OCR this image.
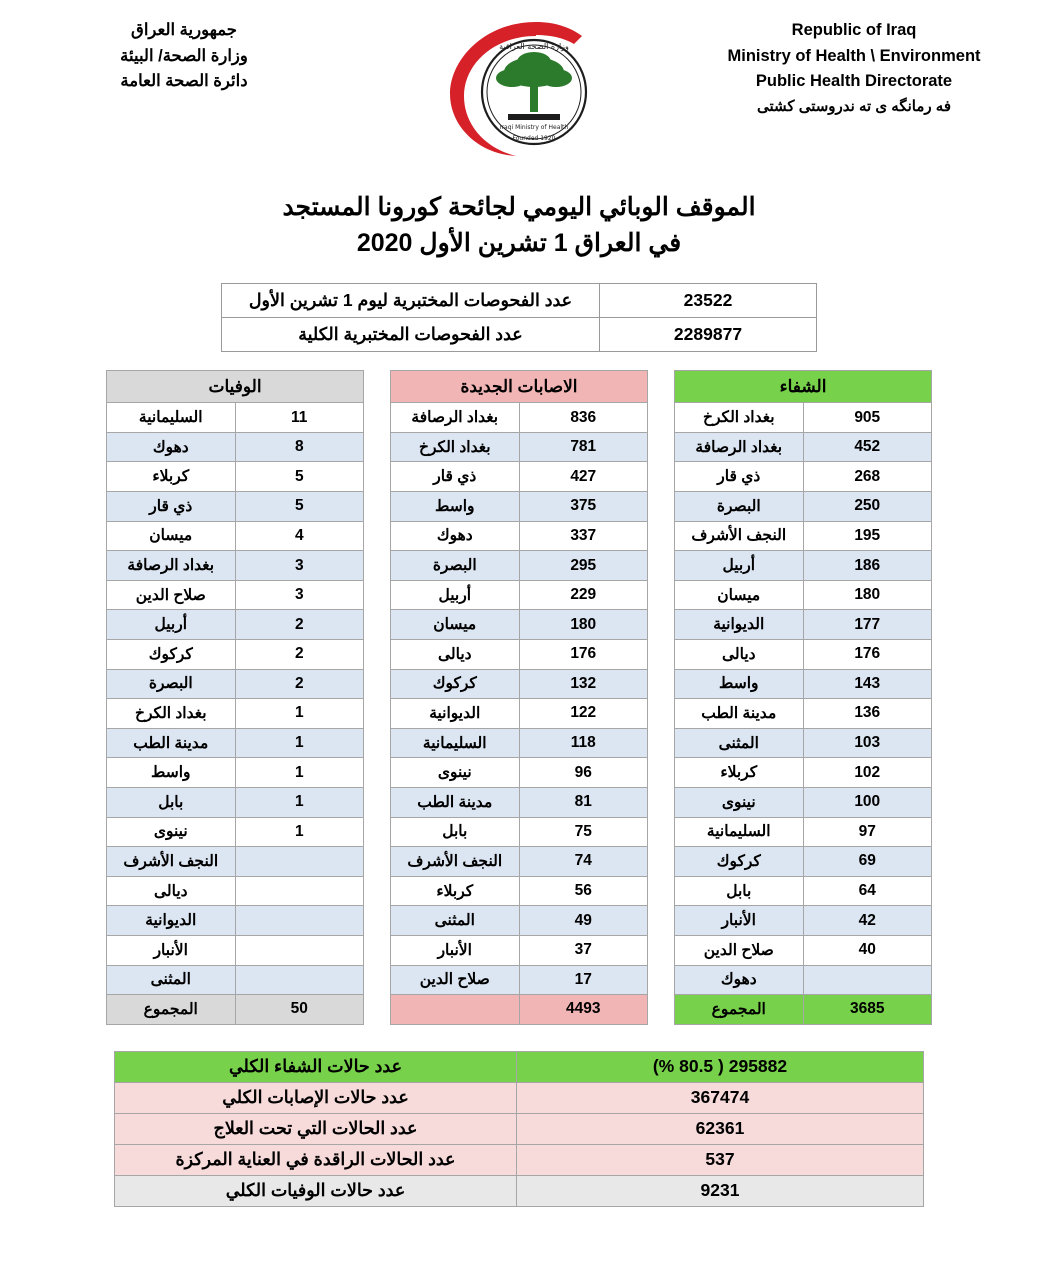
Republic of Iraq
Ministry of Health \ Environment
Public Health Directorate
فه رمانگه ى ته ندروستى كشتى
وزارة الصحة العراقية
Iraqi Ministry of Health
Founded 1920
جمهورية العراق
وزارة الصحة/ البيئة
دائرة الصحة العامة
الموقف الوبائي اليومي لجائحة كورونا المستجد
في العراق 1 تشرين الأول 2020
23522	عدد الفحوصات المختبرية ليوم 1 تشرين الأول
2289877	عدد الفحوصات المختبرية الكلية
الوفيات	
11	السليمانية
8	دهوك
5	كربلاء
5	ذي قار
4	ميسان
3	بغداد الرصافة
3	صلاح الدين
2	أربيل
2	كركوك
2	البصرة
1	بغداد الكرخ
1	مدينة الطب
1	واسط
1	بابل
1	نينوى
	النجف الأشرف
	ديالى
	الديوانية
	الأنبار
	المثنى
50	المجموع
الاصابات الجديدة	
836	بغداد الرصافة
781	بغداد الكرخ
427	ذي قار
375	واسط
337	دهوك
295	البصرة
229	أربيل
180	ميسان
176	ديالى
132	كركوك
122	الديوانية
118	السليمانية
96	نينوى
81	مدينة الطب
75	بابل
74	النجف الأشرف
56	كربلاء
49	المثنى
37	الأنبار
17	صلاح الدين
4493	
الشفاء	
905	بغداد الكرخ
452	بغداد الرصافة
268	ذي قار
250	البصرة
195	النجف الأشرف
186	أربيل
180	ميسان
177	الديوانية
176	ديالى
143	واسط
136	مدينة الطب
103	المثنى
102	كربلاء
100	نينوى
97	السليمانية
69	كركوك
64	بابل
42	الأنبار
40	صلاح الدين
	دهوك
3685	المجموع
295882 ( 80.5 %)	عدد حالات الشفاء الكلي
367474	عدد حالات الإصابات الكلي
62361	عدد الحالات التي تحت العلاج
537	عدد الحالات الراقدة في العناية المركزة
9231	عدد حالات الوفيات الكلي
